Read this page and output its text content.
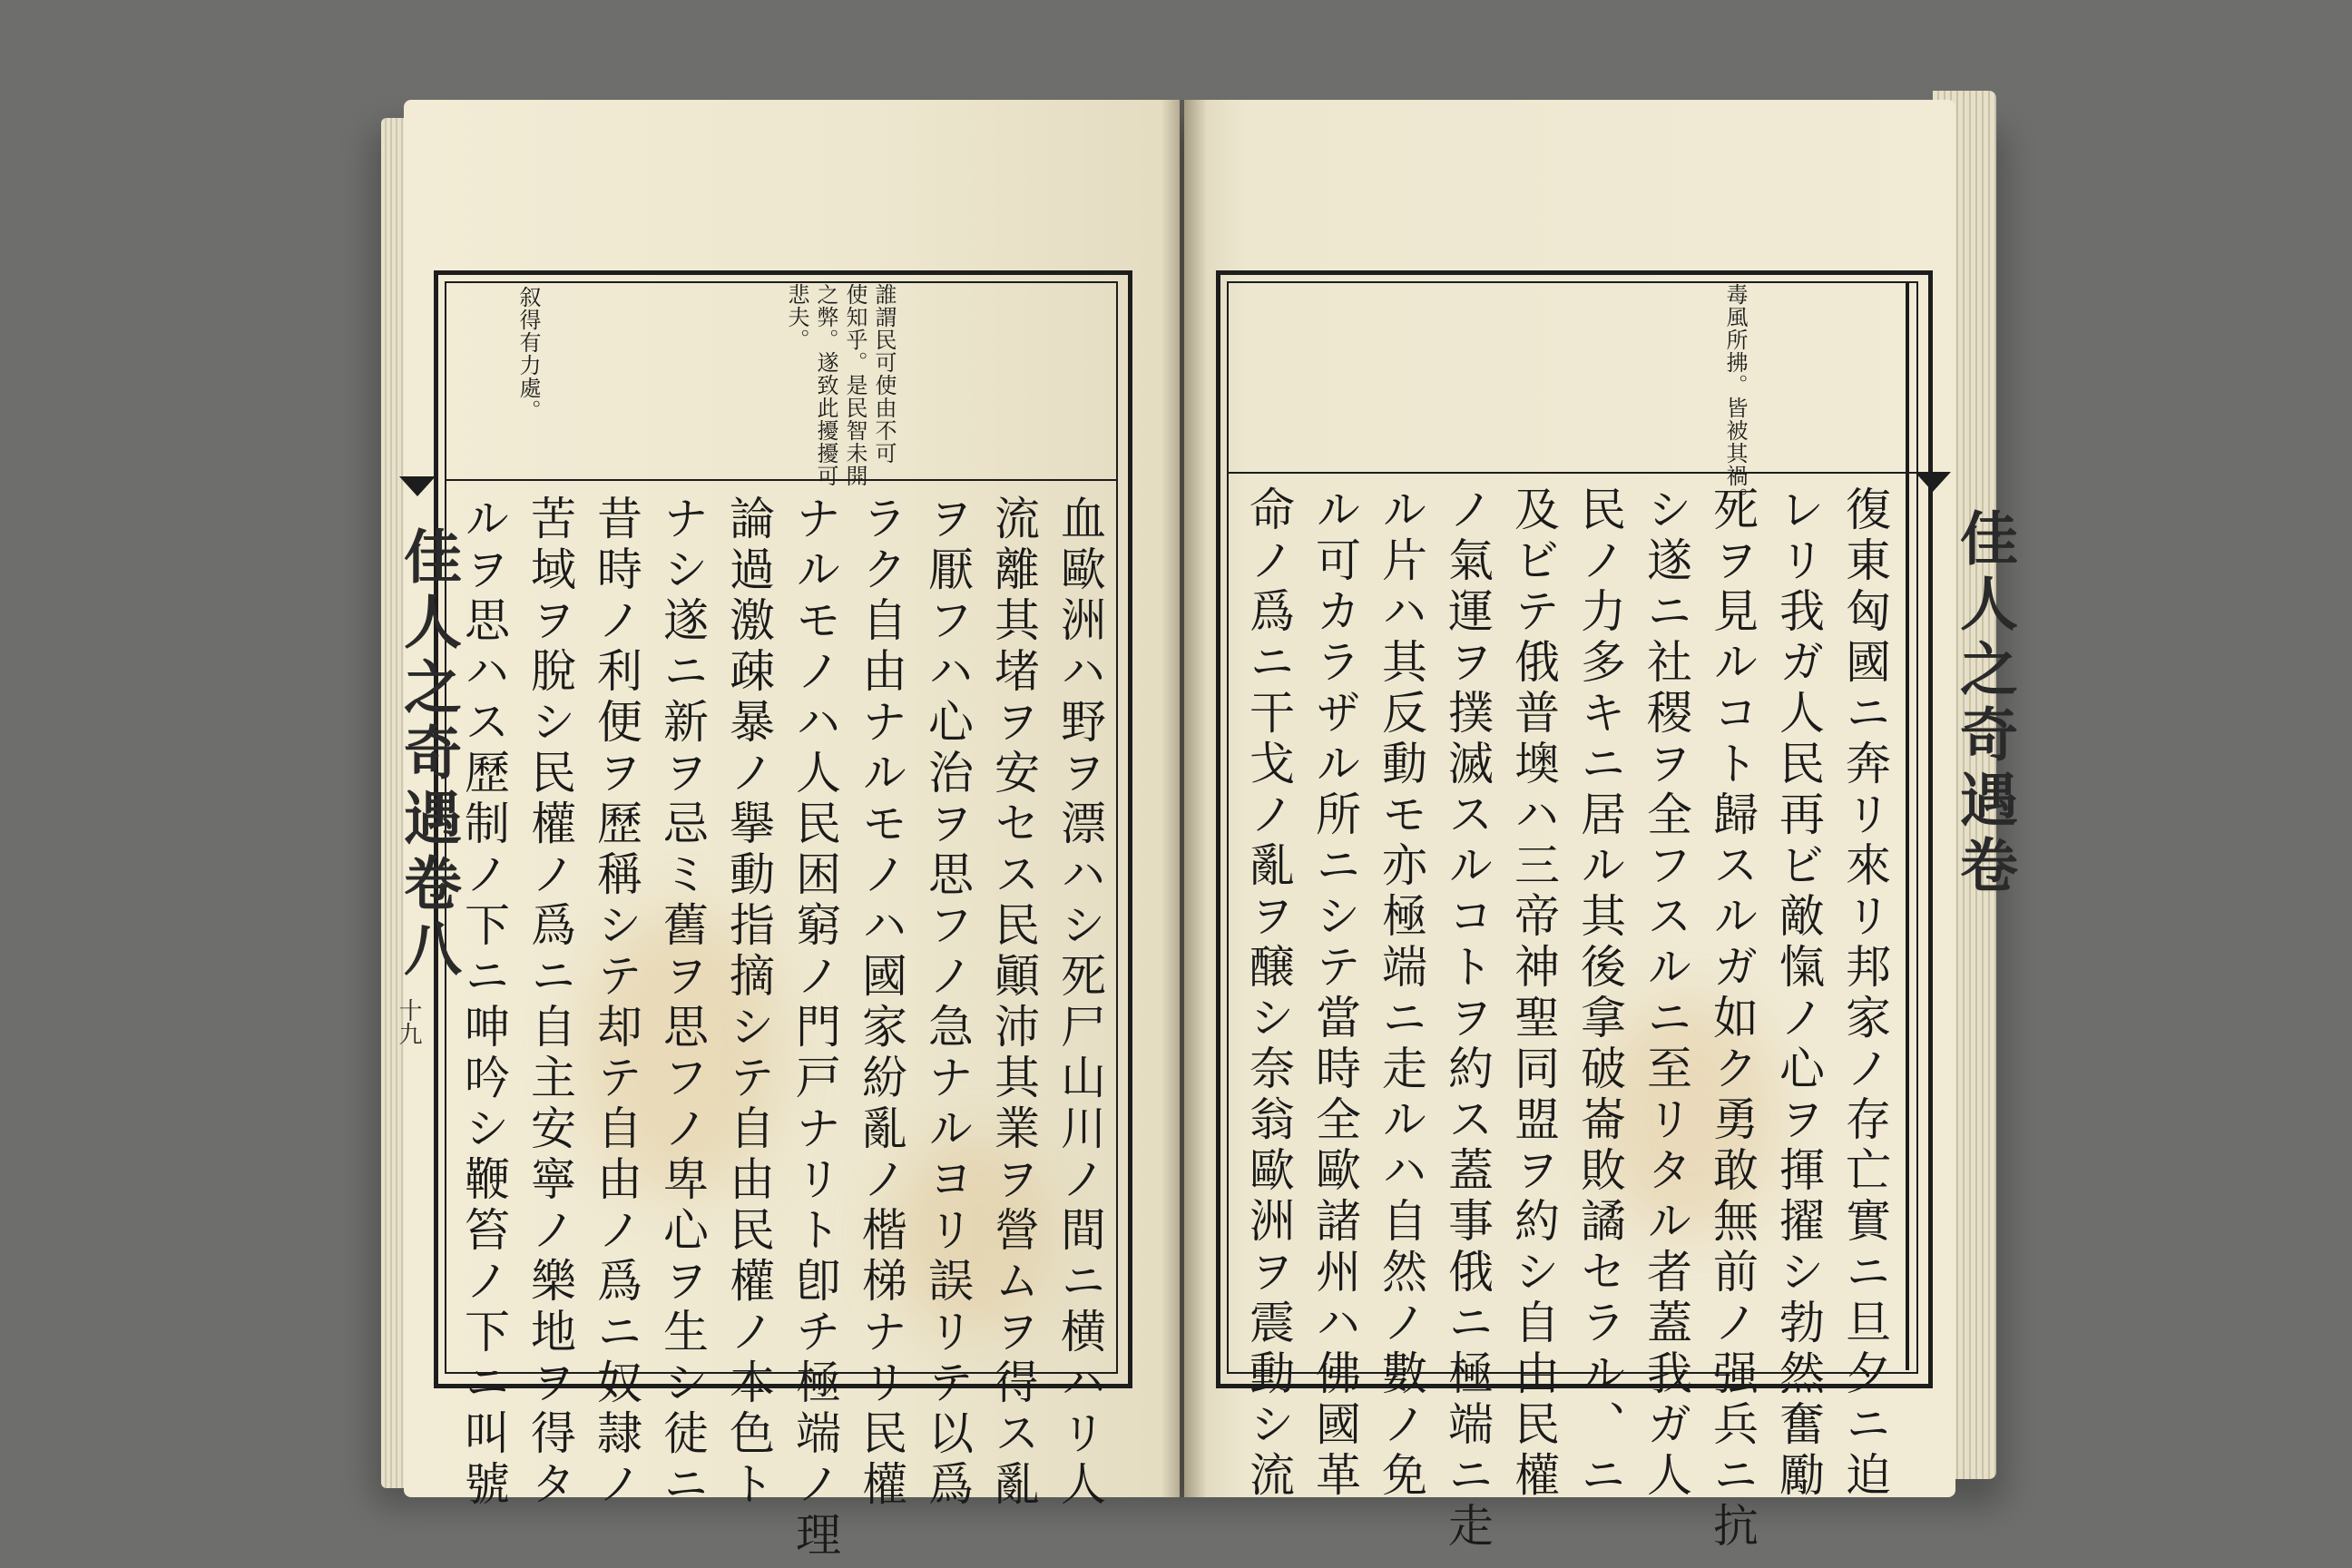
佳人之奇遇卷八
十九
誰謂民可使由不可
使知乎。是民智未開
之弊。遂致此擾擾可
悲夫。
叙得有力處。
血歐洲ハ野ヲ漂ハシ死尸山川ノ間ニ横ハリ人
流離其堵ヲ安セス民顚沛其業ヲ營ムヲ得ス亂
ヲ厭フハ心治ヲ思フノ急ナルヨリ誤リテ以爲
ラク自由ナルモノハ國家紛亂ノ楷梯ナリ民權
ナルモノハ人民困窮ノ門戸ナリト卽チ極端ノ理
論過激疎暴ノ擧動指摘シテ自由民權ノ本色ト
ナシ遂ニ新ヲ忌ミ舊ヲ思フノ卑心ヲ生シ徒ニ
昔時ノ利便ヲ歷稱シテ却テ自由ノ爲ニ奴隷ノ
苦域ヲ脫シ民權ノ爲ニ自主安寧ノ樂地ヲ得タ
ルヲ思ハス歷制ノ下ニ呻吟シ鞭笞ノ下ニ叫號	佳人之奇遇卷
毒風所拂。皆被其禍。
復東匈國ニ奔リ來リ邦家ノ存亡實ニ旦夕ニ迫
レリ我ガ人民再ビ敵愾ノ心ヲ揮擢シ勃然奮勵
死ヲ見ルコト歸スルガ如ク勇敢無前ノ强兵ニ抗
シ遂ニ社稷ヲ全フスルニ至リタル者蓋我ガ人
民ノ力多キニ居ル其後拿破崙敗譎セラル、ニ
及ビテ俄普墺ハ三帝神聖同盟ヲ約シ自由民權
ノ氣運ヲ撲滅スルコトヲ約ス蓋事俄ニ極端ニ走
ル片ハ其反動モ亦極端ニ走ルハ自然ノ數ノ免
ル可カラザル所ニシテ當時全歐諸州ハ佛國革
命ノ爲ニ干戈ノ亂ヲ醸シ奈翁歐洲ヲ震動シ流
